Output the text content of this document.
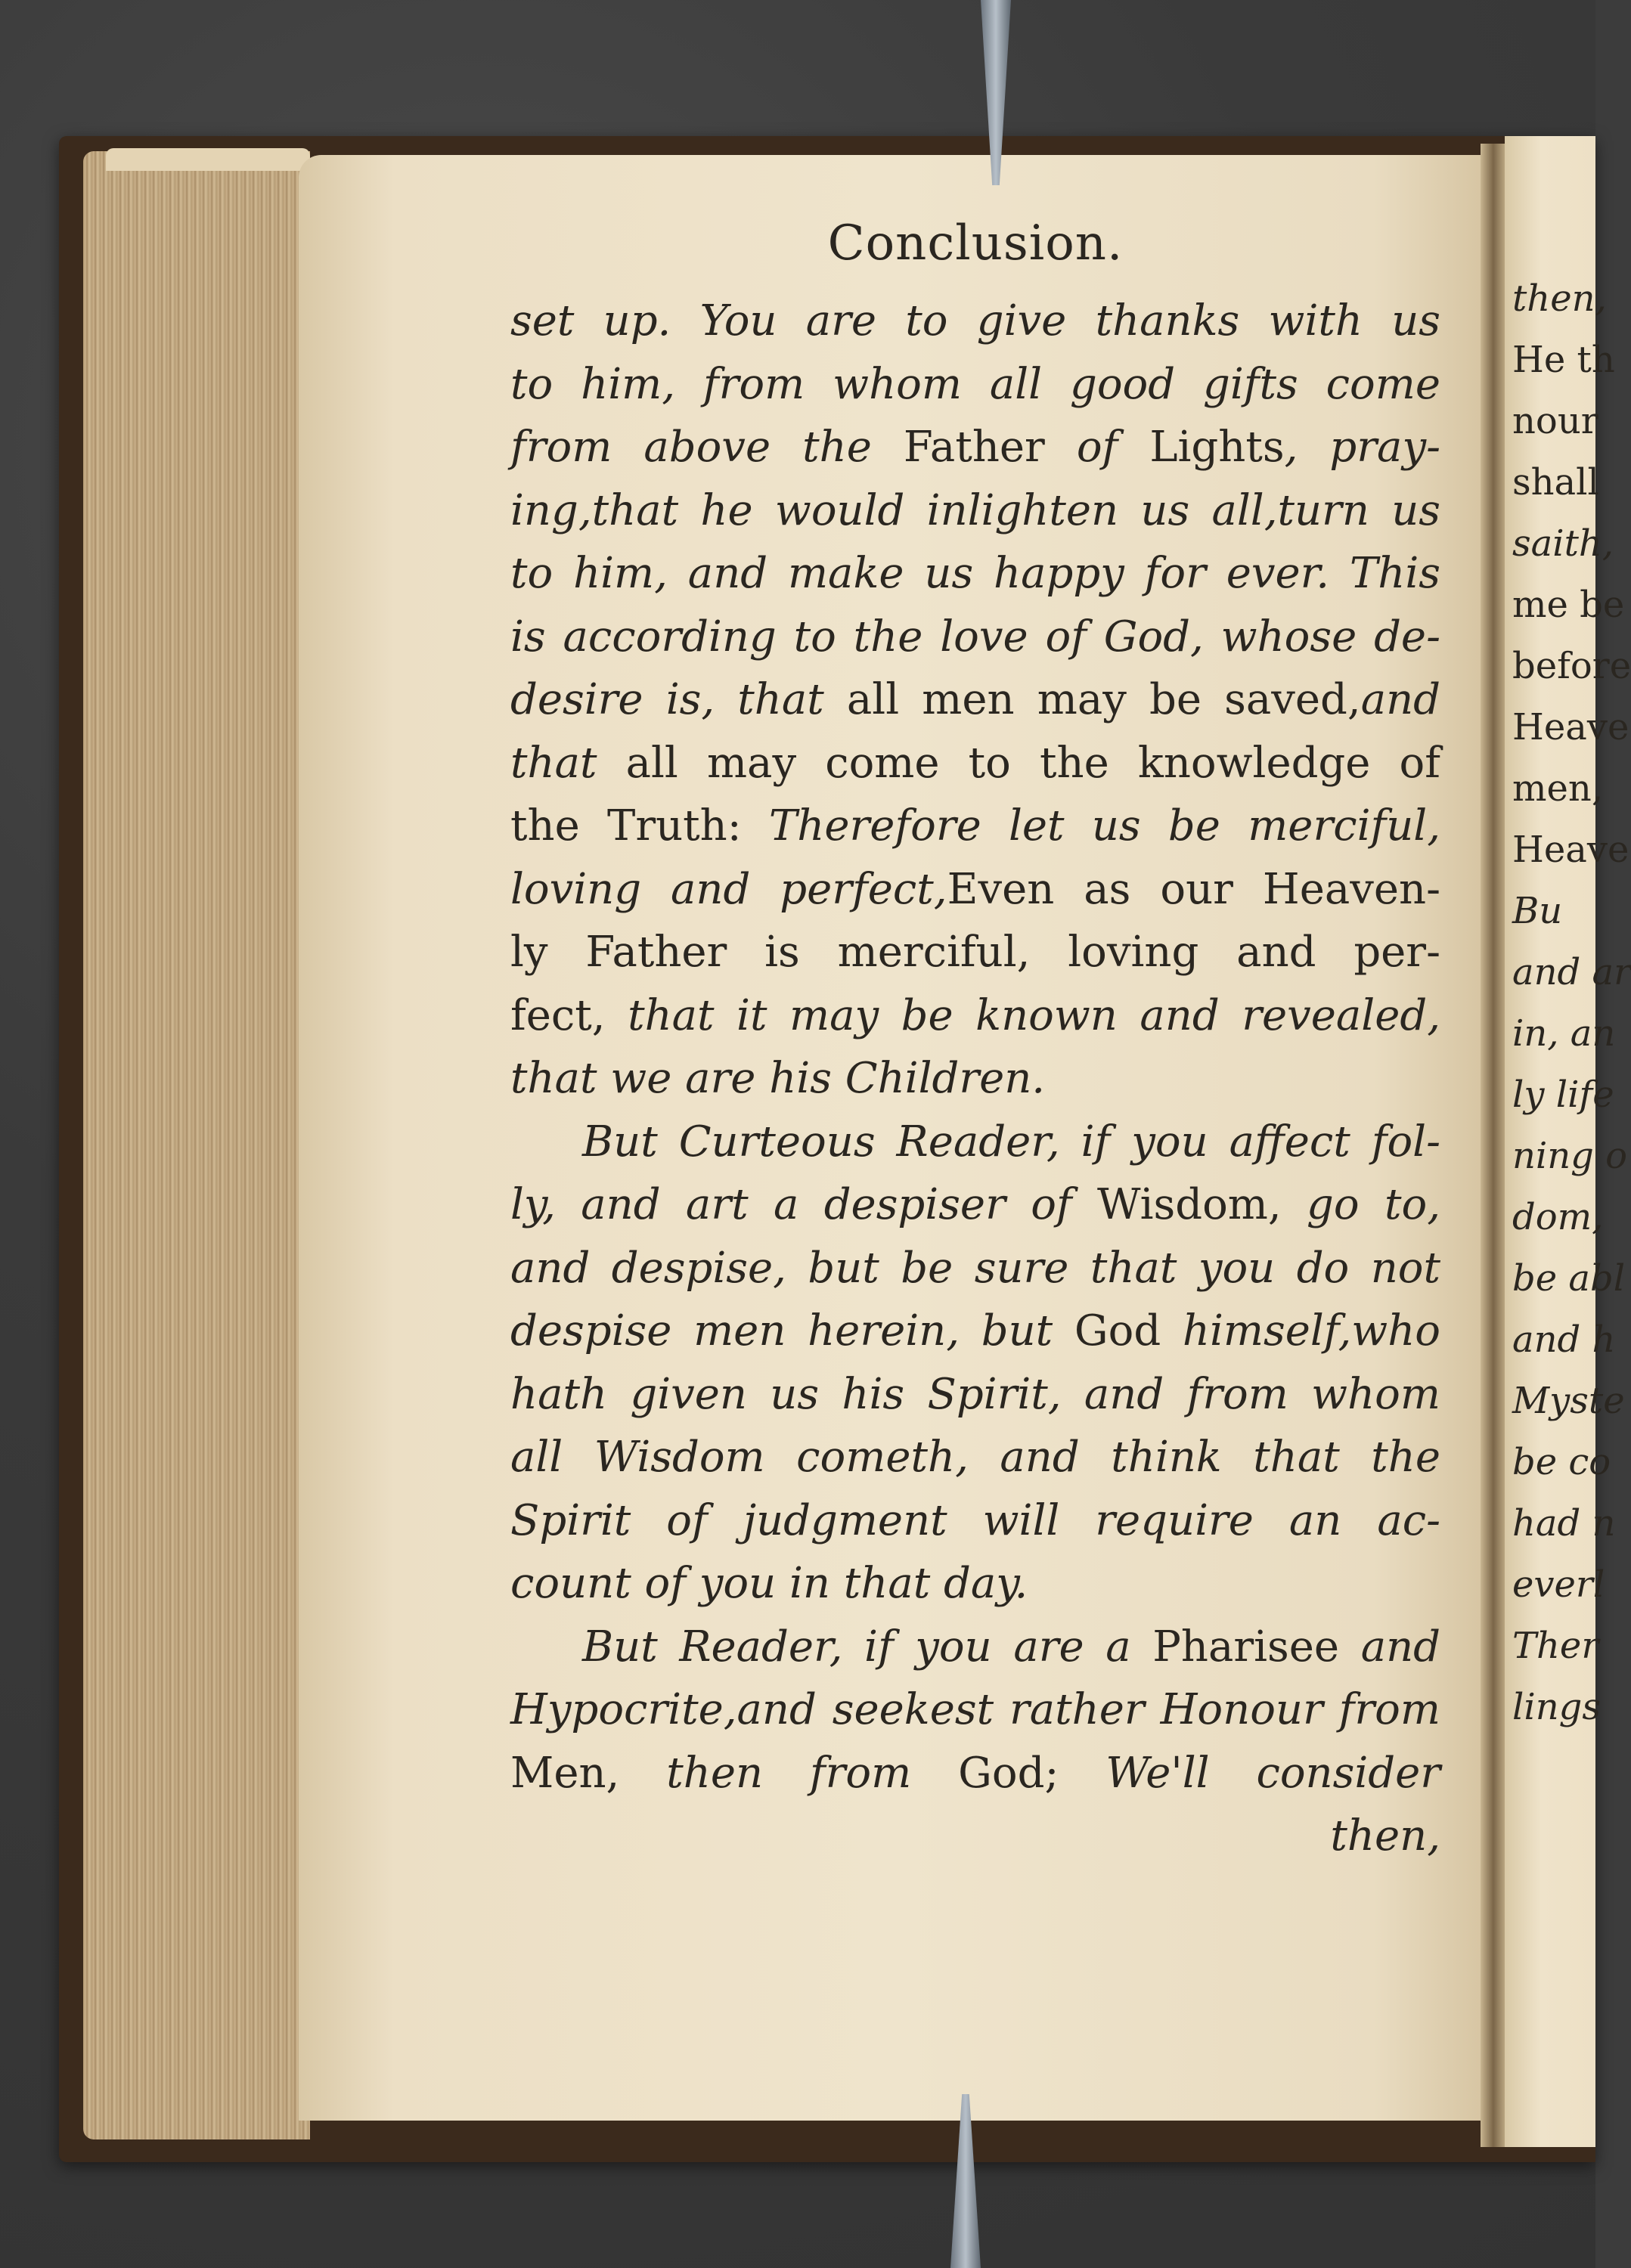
Conclusion.
set up. You are to give thanks with us
to him, from whom all good gifts come
from above the Father of Lights, pray-
ing,that he would inlighten us all,turn us
to him, and make us happy for ever. This
is according to the love of God, whose de-
desire is, that all men may be saved,and
that all may come to the knowledge of
the Truth: Therefore let us be merciful,
loving and perfect,Even as our Heaven-
ly Father is merciful, loving and per-
fect, that it may be known and revealed,
that we are his Children.
But Curteous Reader, if you affect fol-
ly, and art a despiser of Wisdom, go to,
and despise, but be sure that you do not
despise men herein, but God himself,who
hath given us his Spirit, and from whom
all Wisdom cometh, and think that the
Spirit of judgment will require an ac-
count of you in that day.
But Reader, if you are a Pharisee and
Hypocrite,and seekest rather Honour from
Men, then from God; We'll consider
then,
then,
He th
nour
shall
saith,
me be
before
Heave
men,
Heave
Bu
and ar
in, an
ly life
ning o
dom,
be abl
and h
Myste
be co
had n
everl
Ther
lings
